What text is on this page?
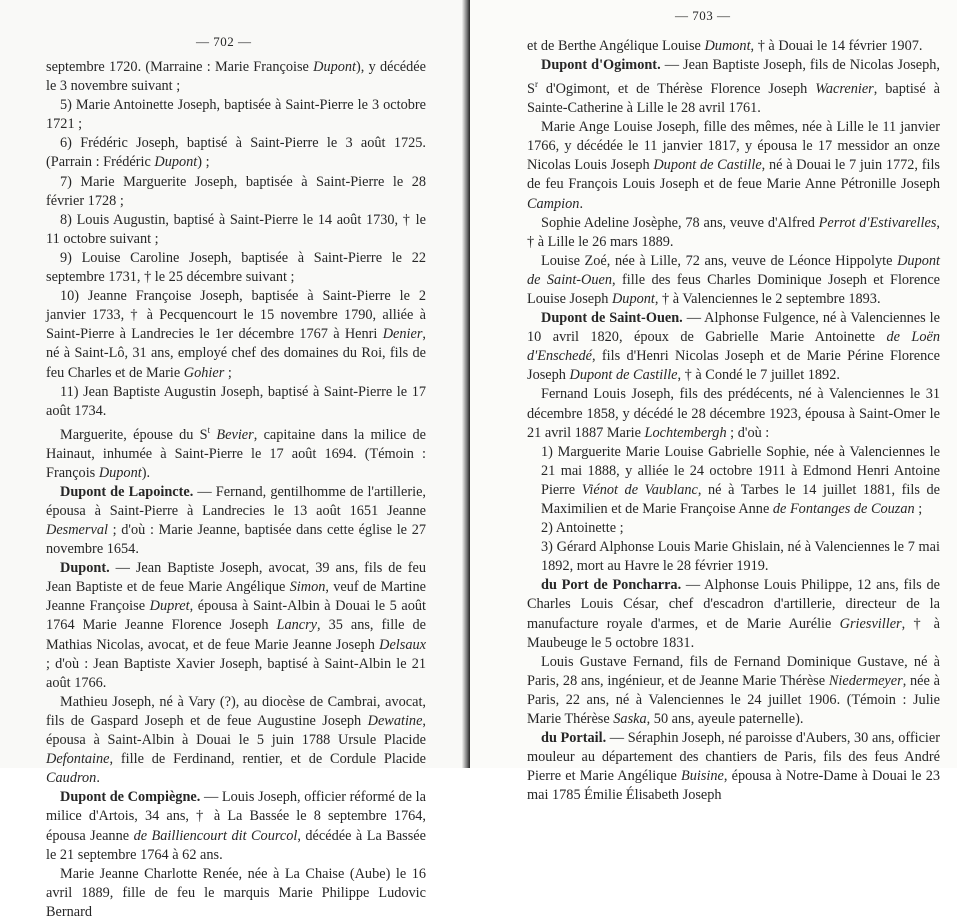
— 702 —

septembre 1720. (Marraine : Marie Françoise Dupont), y décédée le 3 novembre suivant ;

5) Marie Antoinette Joseph, baptisée à Saint-Pierre le 3 octobre 1721 ;

6) Frédéric Joseph, baptisé à Saint-Pierre le 3 août 1725. (Parrain : Frédéric Dupont) ;

7) Marie Marguerite Joseph, baptisée à Saint-Pierre le 28 février 1728 ;

8) Louis Augustin, baptisé à Saint-Pierre le 14 août 1730, † le 11 octobre suivant ;

9) Louise Caroline Joseph, baptisée à Saint-Pierre le 22 septembre 1731, † le 25 décembre suivant ;

10) Jeanne Françoise Joseph, baptisée à Saint-Pierre le 2 janvier 1733, † à Pecquencourt le 15 novembre 1790, alliée à Saint-Pierre à Landrecies le 1er décembre 1767 à Henri Denier, né à Saint-Lô, 31 ans, employé chef des domaines du Roi, fils de feu Charles et de Marie Gohier ;

11) Jean Baptiste Augustin Joseph, baptisé à Saint-Pierre le 17 août 1734.

Marguerite, épouse du $S^t$ Bevier, capitaine dans la milice de Hainaut, inhumée à Saint-Pierre le 17 août 1694. (Témoin : François Dupont).

Dupont de Lapoincte. — Fernand, gentilhomme de l'artillerie, épousa à Saint-Pierre à Landrecies le 13 août 1651 Jeanne Desmerval ; d'où : Marie Jeanne, baptisée dans cette église le 27 novembre 1654.

Dupont. — Jean Baptiste Joseph, avocat, 39 ans, fils de feu Jean Baptiste et de feue Marie Angélique Simon, veuf de Martine Jeanne Françoise Dupret, épousa à Saint-Albin à Douai le 5 août 1764 Marie Jeanne Florence Joseph Lancry, 35 ans, fille de Mathias Nicolas, avocat, et de feue Marie Jeanne Joseph Delsaux ; d'où : Jean Baptiste Xavier Joseph, baptisé à Saint-Albin le 21 août 1766.

Mathieu Joseph, né à Vary (?), au diocèse de Cambrai, avocat, fils de Gaspard Joseph et de feue Augustine Joseph Dewatine, épousa à Saint-Albin à Douai le 5 juin 1788 Ursule Placide Defontaine, fille de Ferdinand, rentier, et de Cordule Placide Caudron.

Dupont de Compiègne. — Louis Joseph, officier réformé de la milice d'Artois, 34 ans, † à La Bassée le 8 septembre 1764, épousa Jeanne de Bailliencourt dit Courcol, décédée à La Bassée le 21 septembre 1764 à 62 ans.

Marie Jeanne Charlotte Renée, née à La Chaise (Aube) le 16 avril 1889, fille de feu le marquis Marie Philippe Ludovic Bernard

— 703 —

et de Berthe Angélique Louise Dumont, † à Douai le 14 février 1907.

Dupont d'Ogimont. — Jean Baptiste Joseph, fils de Nicolas Joseph, $S^r$ d'Ogimont, et de Thérèse Florence Joseph Wacrenier, baptisé à Sainte-Catherine à Lille le 28 avril 1761.

Marie Ange Louise Joseph, fille des mêmes, née à Lille le 11 janvier 1766, y décédée le 11 janvier 1817, y épousa le 17 messidor an onze Nicolas Louis Joseph Dupont de Castille, né à Douai le 7 juin 1772, fils de feu François Louis Joseph et de feue Marie Anne Pétronille Joseph Campion.

Sophie Adeline Josèphe, 78 ans, veuve d'Alfred Perrot d'Estivarelles, † à Lille le 26 mars 1889.

Louise Zoé, née à Lille, 72 ans, veuve de Léonce Hippolyte Dupont de Saint-Ouen, fille des feus Charles Dominique Joseph et Florence Louise Joseph Dupont, † à Valenciennes le 2 septembre 1893.

Dupont de Saint-Ouen. — Alphonse Fulgence, né à Valenciennes le 10 avril 1820, époux de Gabrielle Marie Antoinette de Loën d'Enschedé, fils d'Henri Nicolas Joseph et de Marie Périne Florence Joseph Dupont de Castille, † à Condé le 7 juillet 1892.

Fernand Louis Joseph, fils des prédécents, né à Valenciennes le 31 décembre 1858, y décédé le 28 décembre 1923, épousa à Saint-Omer le 21 avril 1887 Marie Lochtembergh ; d'où :

1) Marguerite Marie Louise Gabrielle Sophie, née à Valenciennes le 21 mai 1888, y alliée le 24 octobre 1911 à Edmond Henri Antoine Pierre Viénot de Vaublanc, né à Tarbes le 14 juillet 1881, fils de Maximilien et de Marie Françoise Anne de Fontanges de Couzan ;

2) Antoinette ;

3) Gérard Alphonse Louis Marie Ghislain, né à Valenciennes le 7 mai 1892, mort au Havre le 28 février 1919.

du Port de Poncharra. — Alphonse Louis Philippe, 12 ans, fils de Charles Louis César, chef d'escadron d'artillerie, directeur de la manufacture royale d'armes, et de Marie Aurélie Griesviller, † à Maubeuge le 5 octobre 1831.

Louis Gustave Fernand, fils de Fernand Dominique Gustave, né à Paris, 28 ans, ingénieur, et de Jeanne Marie Thérèse Niedermeyer, née à Paris, 22 ans, né à Valenciennes le 24 juillet 1906. (Témoin : Julie Marie Thérèse Saska, 50 ans, ayeule paternelle).

du Portail. — Séraphin Joseph, né paroisse d'Aubers, 30 ans, officier mouleur au département des chantiers de Paris, fils des feus André Pierre et Marie Angélique Buisine, épousa à Notre-Dame à Douai le 23 mai 1785 Émilie Élisabeth Joseph
